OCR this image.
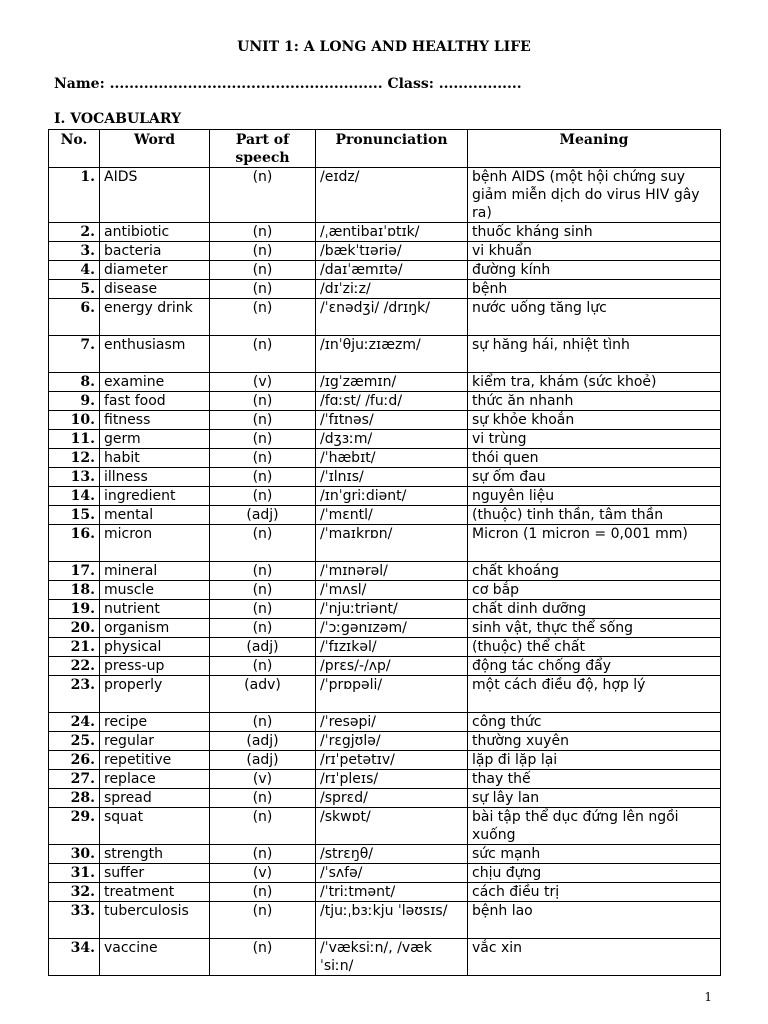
UNIT 1: A LONG AND HEALTHY LIFE
Name: ........................................................ Class: .................
I. VOCABULARY
No.	Word	Part of speech	Pronunciation	Meaning
1.	AIDS	(n)	/eɪdz/	bệnh AIDS (một hội chứng suy giảm miễn dịch do virus HIV gây ra)
2.	antibiotic	(n)	/ˌæntibaɪˈɒtɪk/	thuốc kháng sinh
3.	bacteria	(n)	/bækˈtɪəriə/	vi khuẩn
4.	diameter	(n)	/daɪˈæmɪtə/	đường kính
5.	disease	(n)	/dɪˈziːz/	bệnh
6.	energy drink	(n)	/ˈɛnədʒi/ /drɪŋk/	nước uống tăng lực
7.	enthusiasm	(n)	/ɪnˈθjuːzɪæzm/	sự hăng hái, nhiệt tình
8.	examine	(v)	/ɪgˈzæmɪn/	kiểm tra, khám (sức khoẻ)
9.	fast food	(n)	/fɑːst/ /fuːd/	thức ăn nhanh
10.	fitness	(n)	/ˈfɪtnəs/	sự khỏe khoắn
11.	germ	(n)	/dʒɜːm/	vi trùng
12.	habit	(n)	/ˈhæbɪt/	thói quen
13.	illness	(n)	/ˈɪlnɪs/	sự ốm đau
14.	ingredient	(n)	/ɪnˈgriːdiənt/	nguyên liệu
15.	mental	(adj)	/ˈmɛntl/	(thuộc) tinh thần, tâm thần
16.	micron	(n)	/ˈmaɪkrɒn/	Micron (1 micron = 0,001 mm)
17.	mineral	(n)	/ˈmɪnərəl/	chất khoáng
18.	muscle	(n)	/ˈmʌsl/	cơ bắp
19.	nutrient	(n)	/ˈnjuːtriənt/	chất dinh dưỡng
20.	organism	(n)	/ˈɔːgənɪzəm/	sinh vật, thực thể sống
21.	physical	(adj)	/ˈfɪzɪkəl/	(thuộc) thể chất
22.	press-up	(n)	/prɛs/-/ʌp/	động tác chống đẩy
23.	properly	(adv)	/ˈprɒpəli/	một cách điều độ, hợp lý
24.	recipe	(n)	/ˈresəpi/	công thức
25.	regular	(adj)	/ˈrɛgjʊlə/	thường xuyên
26.	repetitive	(adj)	/rɪˈpetətɪv/	lặp đi lặp lại
27.	replace	(v)	/rɪˈpleɪs/	thay thế
28.	spread	(n)	/sprɛd/	sự lây lan
29.	squat	(n)	/skwɒt/	bài tập thể dục đứng lên ngồi xuống
30.	strength	(n)	/strɛŋθ/	sức mạnh
31.	suffer	(v)	/ˈsʌfə/	chịu đựng
32.	treatment	(n)	/ˈtriːtmənt/	cách điều trị
33.	tuberculosis	(n)	/tjuːˌbɜːkju ˈləʊsɪs/	bệnh lao
34.	vaccine	(n)	/ˈvæksiːn/, /vækˈsiːn/	vắc xin
1
